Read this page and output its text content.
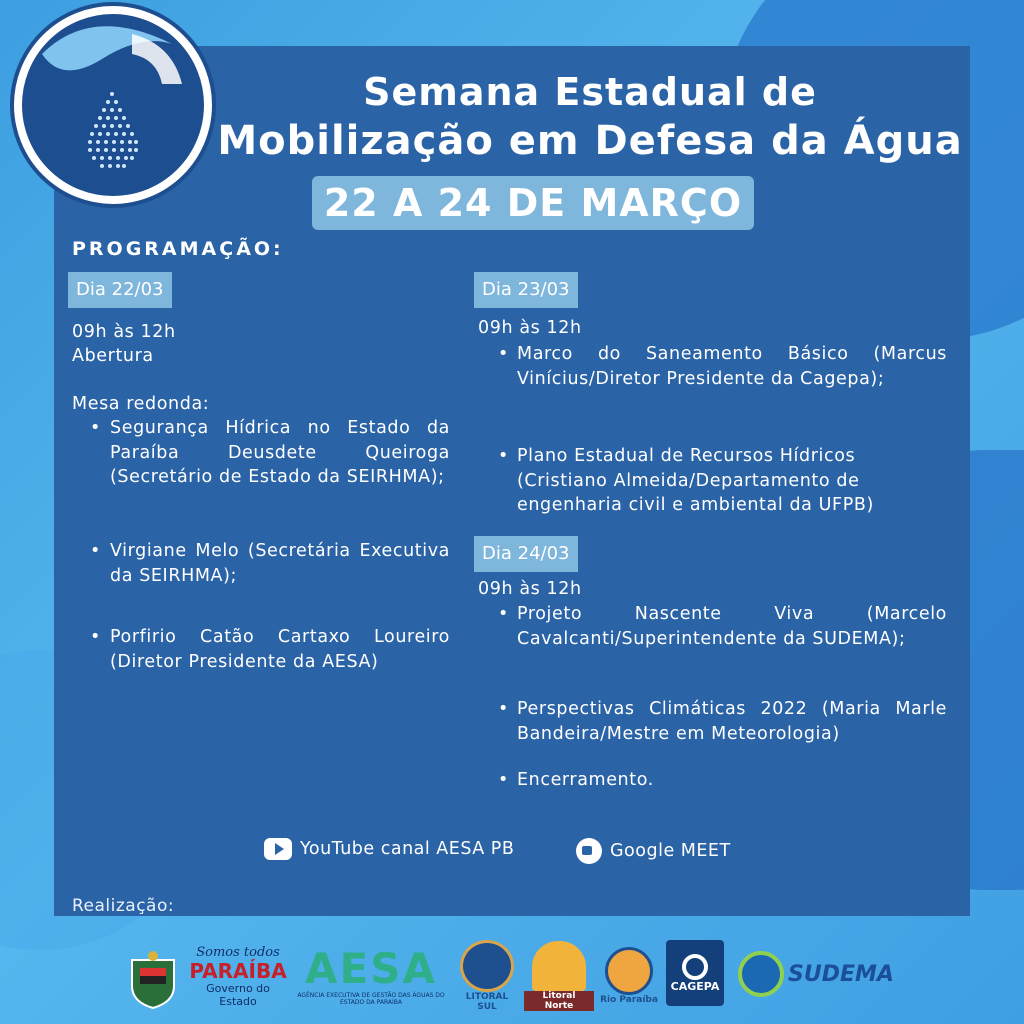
Semana Estadual de
Mobilização em Defesa da Água
22 A 24 DE MARÇO
PROGRAMAÇÃO:
Dia 22/03
09h às 12h
Abertura
Mesa redonda:
• Segurança Hídrica no Estado da Paraíba Deusdete Queiroga (Secretário de Estado da SEIRHMA);
• Virgiane Melo (Secretária Executiva da SEIRHMA);
• Porfirio Catão Cartaxo Loureiro (Diretor Presidente da AESA)
Dia 23/03
09h às 12h
• Marco do Saneamento Básico (Marcus Vinícius/Diretor Presidente da Cagepa);
• Plano Estadual de Recursos Hídricos (Cristiano Almeida/Departamento de engenharia civil e ambiental da UFPB)
Dia 24/03
09h às 12h
• Projeto Nascente Viva (Marcelo Cavalcanti/Superintendente da SUDEMA);
• Perspectivas Climáticas 2022 (Maria Marle Bandeira/Mestre em Meteorologia)
• Encerramento.
YouTube canal AESA PB	Google MEET
Realização:
Somos todos
PARAÍBA
Governo do Estado
AESA
AGÊNCIA EXECUTIVA DE GESTÃO DAS ÁGUAS DO ESTADO DA PARAÍBA
LITORAL SUL
Litoral Norte
Rio Paraíba
CAGEPA	SUDEMA
